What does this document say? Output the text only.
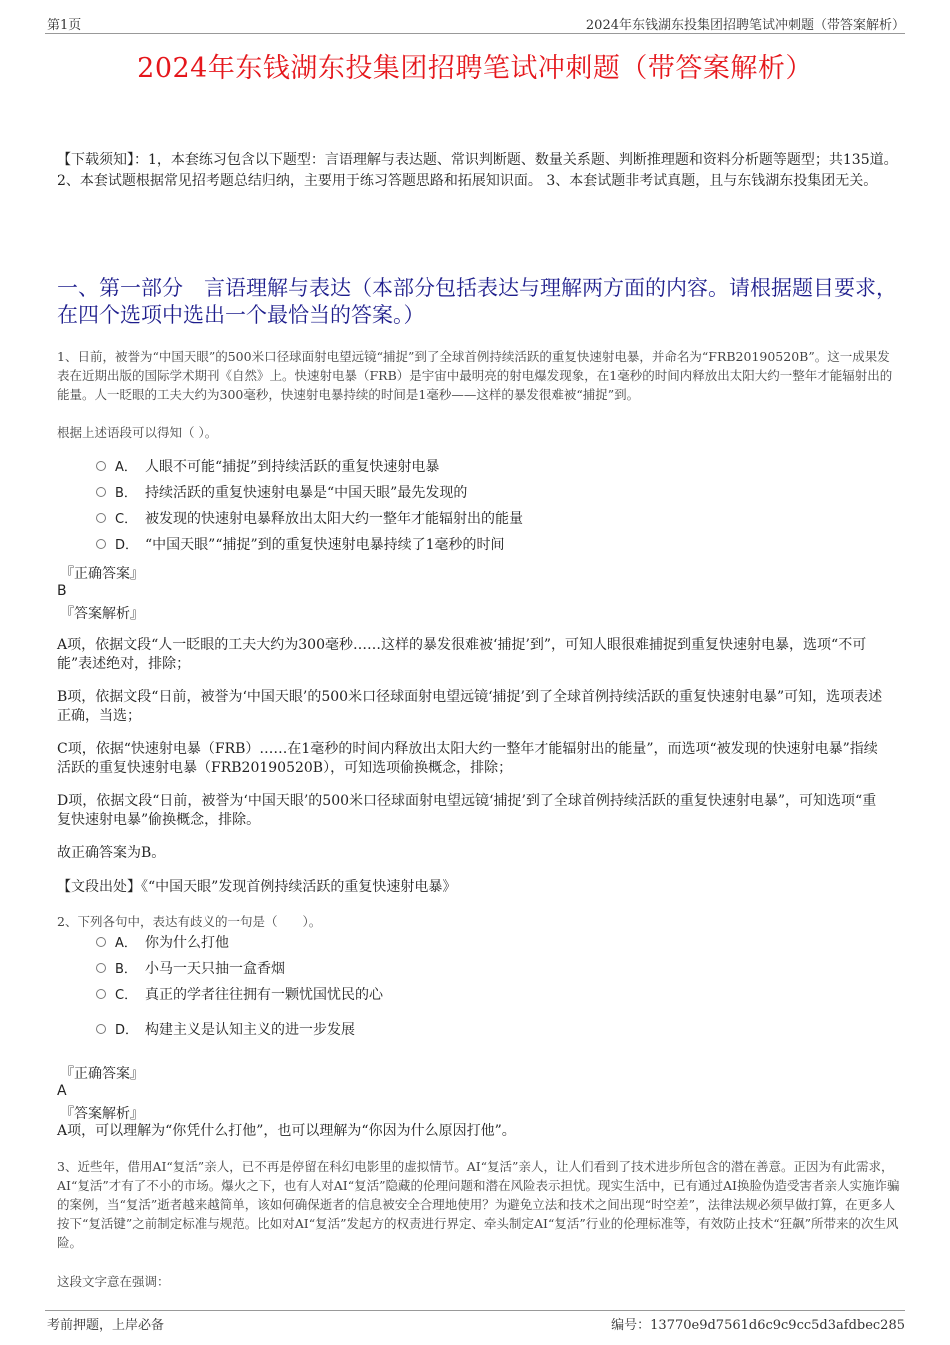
第1页	2024年东钱湖东投集团招聘笔试冲刺题（带答案解析）
2024年东钱湖东投集团招聘笔试冲刺题（带答案解析）
【下载须知】：1，本套练习包含以下题型：言语理解与表达题、常识判断题、数量关系题、判断推理题和资料分析题等题型；共135道。 2、本套试题根据常见招考题总结归纳，主要用于练习答题思路和拓展知识面。 3、本套试题非考试真题，且与东钱湖东投集团无关。
一、第一部分　言语理解与表达（本部分包括表达与理解两方面的内容。请根据题目要求，在四个选项中选出一个最恰当的答案。）
1、日前，被誉为“中国天眼”的500米口径球面射电望远镜“捕捉”到了全球首例持续活跃的重复快速射电暴，并命名为“FRB20190520B”。这一成果发表在近期出版的国际学术期刊《自然》上。快速射电暴（FRB）是宇宙中最明亮的射电爆发现象，在1毫秒的时间内释放出太阳大约一整年才能辐射出的能量。人一眨眼的工夫大约为300毫秒，快速射电暴持续的时间是1毫秒——这样的暴发很难被“捕捉”到。
根据上述语段可以得知（ ）。
A． 人眼不可能“捕捉”到持续活跃的重复快速射电暴
B． 持续活跃的重复快速射电暴是“中国天眼”最先发现的
C． 被发现的快速射电暴释放出太阳大约一整年才能辐射出的能量
D． “中国天眼”“捕捉”到的重复快速射电暴持续了1毫秒的时间
『正确答案』
B
『答案解析』
A项，依据文段“人一眨眼的工夫大约为300毫秒……这样的暴发很难被‘捕捉’到”，可知人眼很难捕捉到重复快速射电暴，选项“不可能”表述绝对，排除；
B项，依据文段“日前，被誉为‘中国天眼’的500米口径球面射电望远镜‘捕捉’到了全球首例持续活跃的重复快速射电暴”可知，选项表述正确，当选；
C项，依据“快速射电暴（FRB）……在1毫秒的时间内释放出太阳大约一整年才能辐射出的能量”，而选项“被发现的快速射电暴”指续活跃的重复快速射电暴（FRB20190520B），可知选项偷换概念，排除；
D项，依据文段“日前，被誉为‘中国天眼’的500米口径球面射电望远镜‘捕捉’到了全球首例持续活跃的重复快速射电暴”，可知选项“重复快速射电暴”偷换概念，排除。
故正确答案为B。
【文段出处】《“中国天眼”发现首例持续活跃的重复快速射电暴》
2、下列各句中，表达有歧义的一句是（　　）。
A． 你为什么打他
B． 小马一天只抽一盒香烟
C． 真正的学者往往拥有一颗忧国忧民的心
D． 构建主义是认知主义的进一步发展
『正确答案』
A
『答案解析』
A项，可以理解为“你凭什么打他”，也可以理解为“你因为什么原因打他”。
3、近些年，借用AI“复活”亲人，已不再是停留在科幻电影里的虚拟情节。AI“复活”亲人，让人们看到了技术进步所包含的潜在善意。正因为有此需求，AI“复活”才有了不小的市场。爆火之下，也有人对AI“复活”隐藏的伦理问题和潜在风险表示担忧。现实生活中，已有通过AI换脸伪造受害者亲人实施诈骗的案例，当“复活”逝者越来越简单，该如何确保逝者的信息被安全合理地使用？为避免立法和技术之间出现“时空差”，法律法规必须早做打算，在更多人按下“复活键”之前制定标准与规范。比如对AI“复活”发起方的权责进行界定、牵头制定AI“复活”行业的伦理标准等，有效防止技术“狂飙”所带来的次生风险。
这段文字意在强调：
考前押题，上岸必备	编号：13770e9d7561d6c9c9cc5d3afdbec285
